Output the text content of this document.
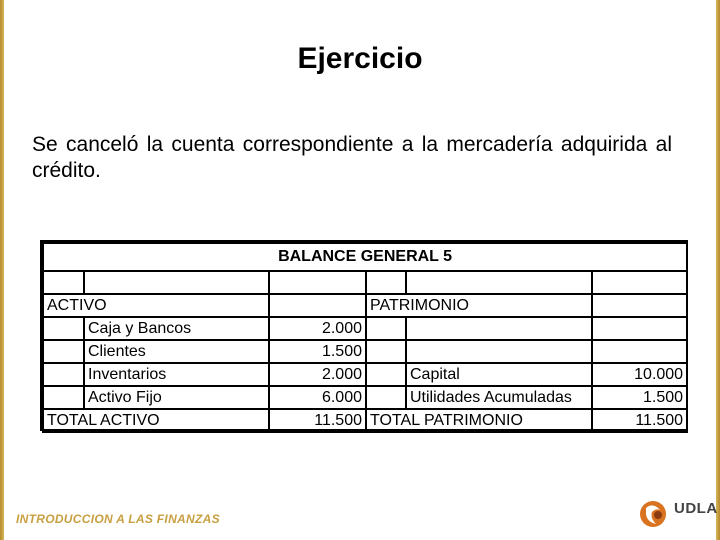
Ejercicio
Se canceló la cuenta correspondiente a la mercadería adquirida al crédito.
BALANCE GENERAL 5					

ACTIVO			PATRIMONIO		
	Caja y Bancos	2.000			
	Clientes	1.500			
	Inventarios	2.000		Capital	10.000
	Activo Fijo	6.000		Utilidades Acumuladas	1.500
TOTAL ACTIVO		11.500	TOTAL PATRIMONIO		11.500
INTRODUCCION A LAS FINANZAS
UDLA
